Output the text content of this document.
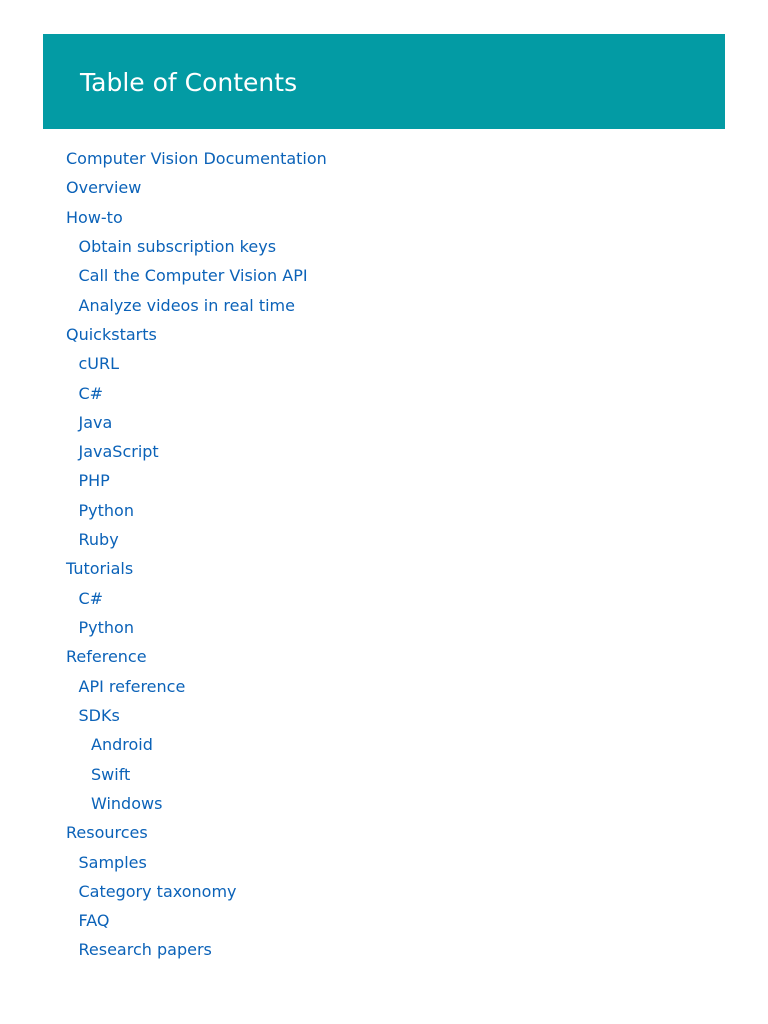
Table of Contents
Computer Vision Documentation
Overview
How-to
Obtain subscription keys
Call the Computer Vision API
Analyze videos in real time
Quickstarts
cURL
C#
Java
JavaScript
PHP
Python
Ruby
Tutorials
C#
Python
Reference
API reference
SDKs
Android
Swift
Windows
Resources
Samples
Category taxonomy
FAQ
Research papers
